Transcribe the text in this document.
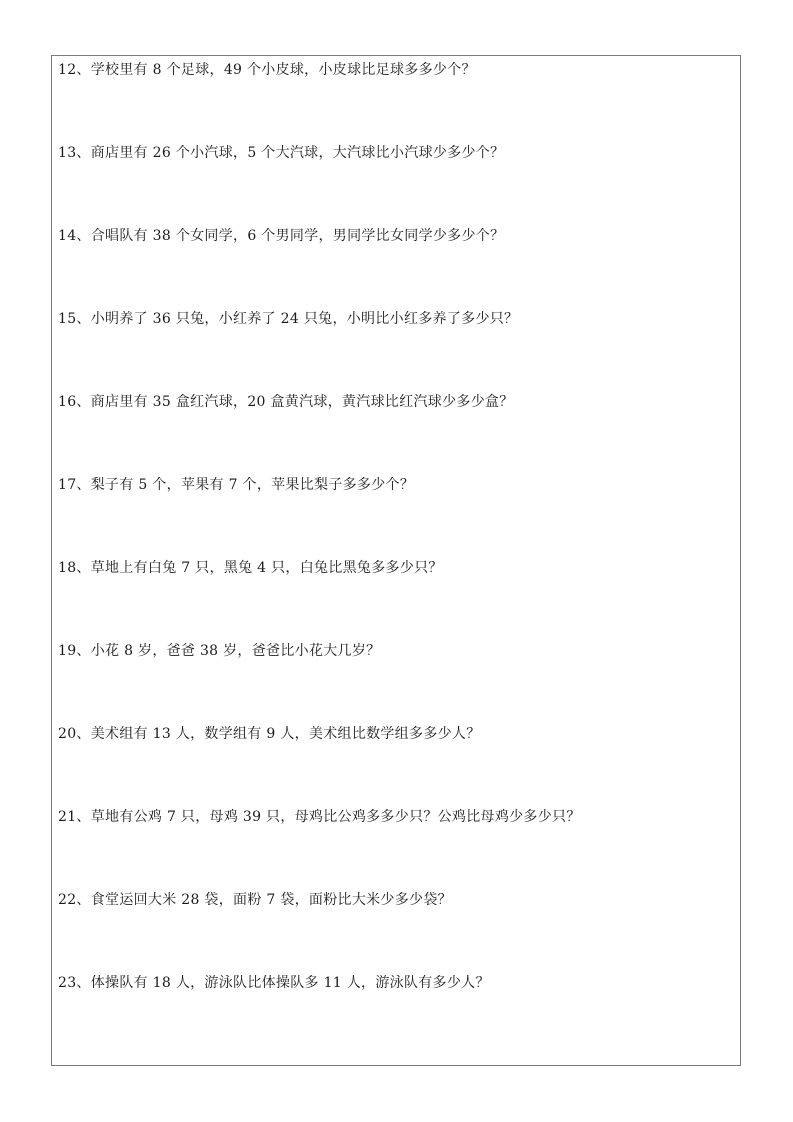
12、学校里有 8 个足球，49 个小皮球，小皮球比足球多多少个？
13、商店里有 26 个小汽球，5 个大汽球，大汽球比小汽球少多少个？
14、合唱队有 38 个女同学，6 个男同学，男同学比女同学少多少个？
15、小明养了 36 只兔，小红养了 24 只兔，小明比小红多养了多少只？
16、商店里有 35 盒红汽球，20 盒黄汽球，黄汽球比红汽球少多少盒？
17、梨子有 5 个，苹果有 7 个，苹果比梨子多多少个？
18、草地上有白兔 7 只，黑兔 4 只，白兔比黑兔多多少只？
19、小花 8 岁，爸爸 38 岁，爸爸比小花大几岁？
20、美术组有 13 人，数学组有 9 人，美术组比数学组多多少人？
21、草地有公鸡 7 只，母鸡 39 只，母鸡比公鸡多多少只？公鸡比母鸡少多少只？
22、食堂运回大米 28 袋，面粉 7 袋，面粉比大米少多少袋？
23、体操队有 18 人，游泳队比体操队多 11 人，游泳队有多少人？
